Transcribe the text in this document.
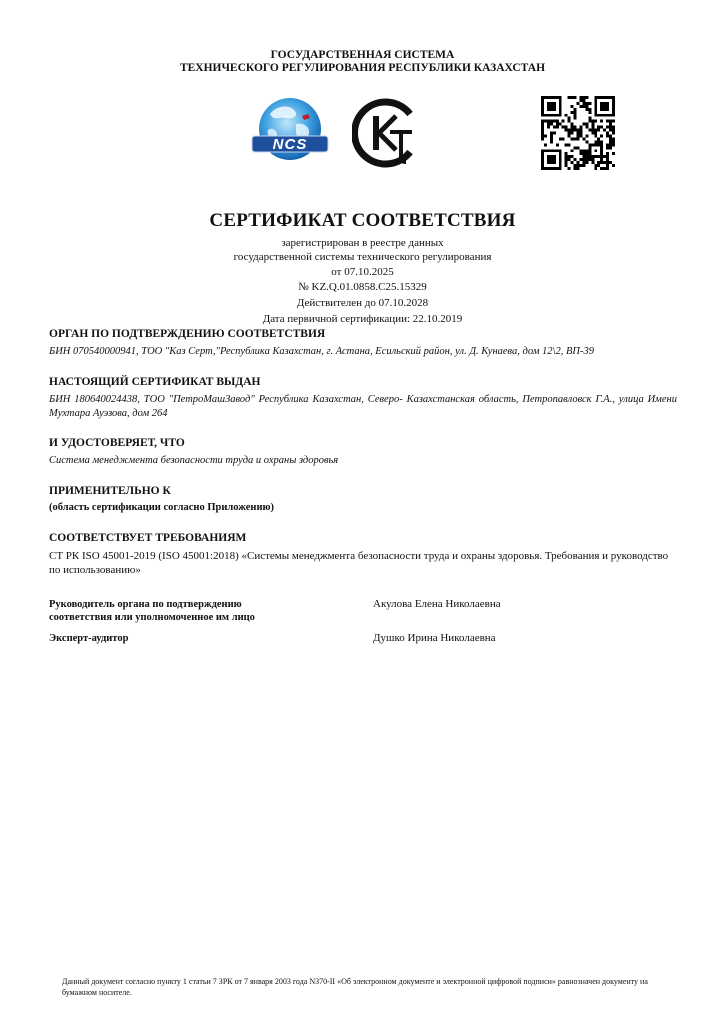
ГОСУДАРСТВЕННАЯ СИСТЕМА
ТЕХНИЧЕСКОГО РЕГУЛИРОВАНИЯ РЕСПУБЛИКИ КАЗАХСТАН
NCS
СЕРТИФИКАТ СООТВЕТСТВИЯ
зарегистрирован в реестре данных
государственной системы технического регулирования
от 07.10.2025
№ KZ.Q.01.0858.C25.15329
Действителен до 07.10.2028
Дата первичной сертификации: 22.10.2019
ОРГАН ПО ПОДТВЕРЖДЕНИЮ СООТВЕТСТВИЯ
БИН 070540000941, ТОО "Каз Серт,"Республика Казахстан, г. Астана, Есильский район, ул. Д. Кунаева, дом 12\2, ВП-39
НАСТОЯЩИЙ СЕРТИФИКАТ ВЫДАН
БИН 180640024438, ТОО "ПетроМашЗавод" Республика Казахстан, Северо- Казахстанская область, Петропавловск Г.А., улица Имени Мухтара Ауэзова, дом 264
И УДОСТОВЕРЯЕТ, ЧТО
Система менеджмента безопасности труда и охраны здоровья
ПРИМЕНИТЕЛЬНО К
(область сертификации согласно Приложению)
СООТВЕТСТВУЕТ ТРЕБОВАНИЯМ
СТ РК ISO 45001-2019 (ISO 45001:2018) «Системы менеджмента безопасности труда и охраны здоровья. Требования и руководство по использованию»
Руководитель органа по подтверждению
соответствия или уполномоченное им лицо
Акулова Елена Николаевна
Эксперт-аудитор	Душко Ирина Николаевна
Данный документ согласно пункту 1 статьи 7 ЗРК от 7 января 2003 года N370-II «Об электронном документе и электронной цифровой подписи» равнозначен документу на бумажном носителе.
